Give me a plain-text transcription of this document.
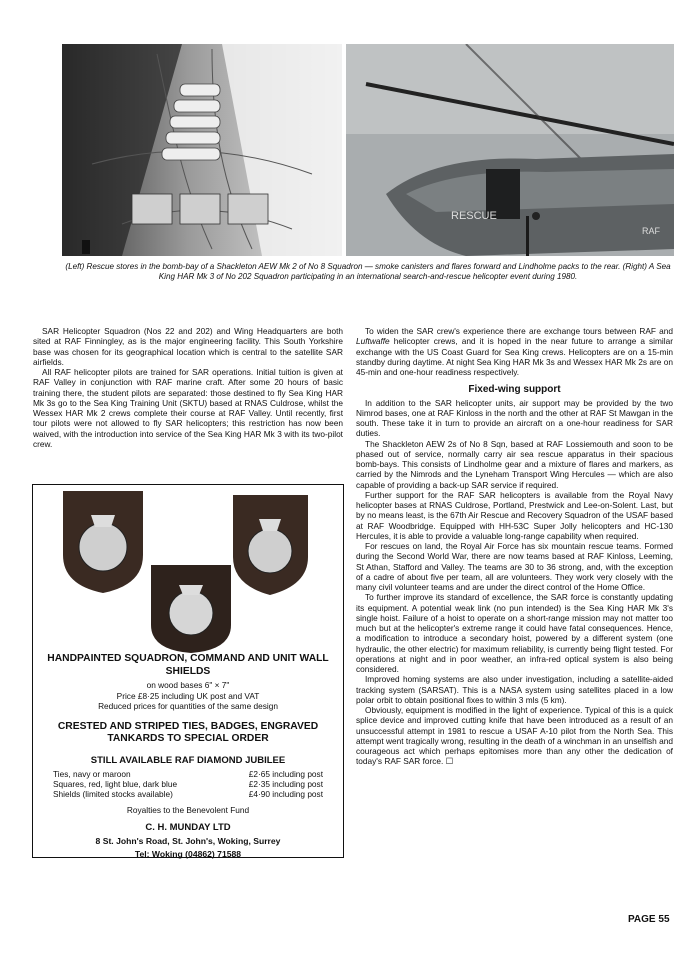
RESCUE
RAF
(Left) Rescue stores in the bomb-bay of a Shackleton AEW Mk 2 of No 8 Squadron — smoke canisters and flares forward and Lindholme packs to the rear. (Right) A Sea King HAR Mk 3 of No 202 Squadron participating in an international search-and-rescue helicopter event during 1980.

SAR Helicopter Squadron (Nos 22 and 202) and Wing Headquarters are both sited at RAF Finningley, as is the major engineering facility. This South Yorkshire base was chosen for its geographical location which is central to the satellite SAR airfields.

All RAF helicopter pilots are trained for SAR operations. Initial tuition is given at RAF Valley in conjunction with RAF marine craft. After some 20 hours of basic training there, the student pilots are separated: those destined to fly Sea King HAR Mk 3s go to the Sea King Training Unit (SKTU) based at RNAS Culdrose, whilst the Wessex HAR Mk 2 crews complete their course at RAF Valley. Until recently, first tour pilots were not allowed to fly SAR helicopters; this restriction has now been waived, with the introduction into service of the Sea King HAR Mk 3 with its two-pilot crew.

HANDPAINTED SQUADRON, COMMAND AND UNIT WALL SHIELDS

on wood bases 6" × 7"

Price £8·25 including UK post and VAT

Reduced prices for quantities of the same design

CRESTED AND STRIPED TIES, BADGES, ENGRAVED TANKARDS TO SPECIAL ORDER
STILL AVAILABLE RAF DIAMOND JUBILEE
Ties, navy or maroon	£2·65 including post
Squares, red, light blue, dark blue	£2·35 including post
Shields (limited stocks available)	£4·90 including post

Royalties to the Benevolent Fund

C. H. MUNDAY LTD

8 St. John's Road, St. John's, Woking, Surrey

Tel: Woking (04862) 71588

To widen the SAR crew's experience there are exchange tours between RAF and Luftwaffe helicopter crews, and it is hoped in the near future to arrange a similar exchange with the US Coast Guard for Sea King crews. Helicopters are on a 15-min standby during daytime. At night Sea King HAR Mk 3s and Wessex HAR Mk 2s are on 45-min and one-hour readiness respectively.

Fixed-wing support

In addition to the SAR helicopter units, air support may be provided by the two Nimrod bases, one at RAF Kinloss in the north and the other at RAF St Mawgan in the south. These take it in turn to provide an aircraft on a one-hour readiness for SAR duties.

The Shackleton AEW 2s of No 8 Sqn, based at RAF Lossiemouth and soon to be phased out of service, normally carry air sea rescue apparatus in their spacious bomb-bays. This consists of Lindholme gear and a mixture of flares and markers, as carried by the Nimrods and the Lyneham Transport Wing Hercules — which are also capable of providing a back-up SAR service if required.

Further support for the RAF SAR helicopters is available from the Royal Navy helicopter bases at RNAS Culdrose, Portland, Prestwick and Lee-on-Solent. Last, but by no means least, is the 67th Air Rescue and Recovery Squadron of the USAF based at RAF Woodbridge. Equipped with HH-53C Super Jolly helicopters and HC-130 Hercules, it is able to provide a valuable long-range capability when required.

For rescues on land, the Royal Air Force has six mountain rescue teams. Formed during the Second World War, there are now teams based at RAF Kinloss, Leeming, St Athan, Stafford and Valley. The teams are 30 to 36 strong, and, with the exception of a cadre of about five per team, all are volunteers. They work very closely with the many civil volunteer teams and are under the direct control of the Home Office.

To further improve its standard of excellence, the SAR force is constantly updating its equipment. A potential weak link (no pun intended) is the Sea King HAR Mk 3's single hoist. Failure of a hoist to operate on a short-range mission may not matter too much but at the helicopter's extreme range it could have fatal consequences. Hence, a modification to introduce a secondary hoist, powered by a different system (one hydraulic, the other electric) for maximum reliability, is currently being flight tested. For operations at night and in poor weather, an infra-red optical system is also being considered.

Improved homing systems are also under investigation, including a satellite-aided tracking system (SARSAT). This is a NASA system using satellites placed in a low polar orbit to obtain positional fixes to within 3 mls (5 km).

Obviously, equipment is modified in the light of experience. Typical of this is a quick splice device and improved cutting knife that have been introduced as a result of an unsuccessful attempt in 1981 to rescue a USAF A-10 pilot from the North Sea. This attempt went tragically wrong, resulting in the death of a winchman in an unselfish and courageous act which perhaps epitomises more than any other the dedication of today's RAF SAR force. ☐

PAGE 55
